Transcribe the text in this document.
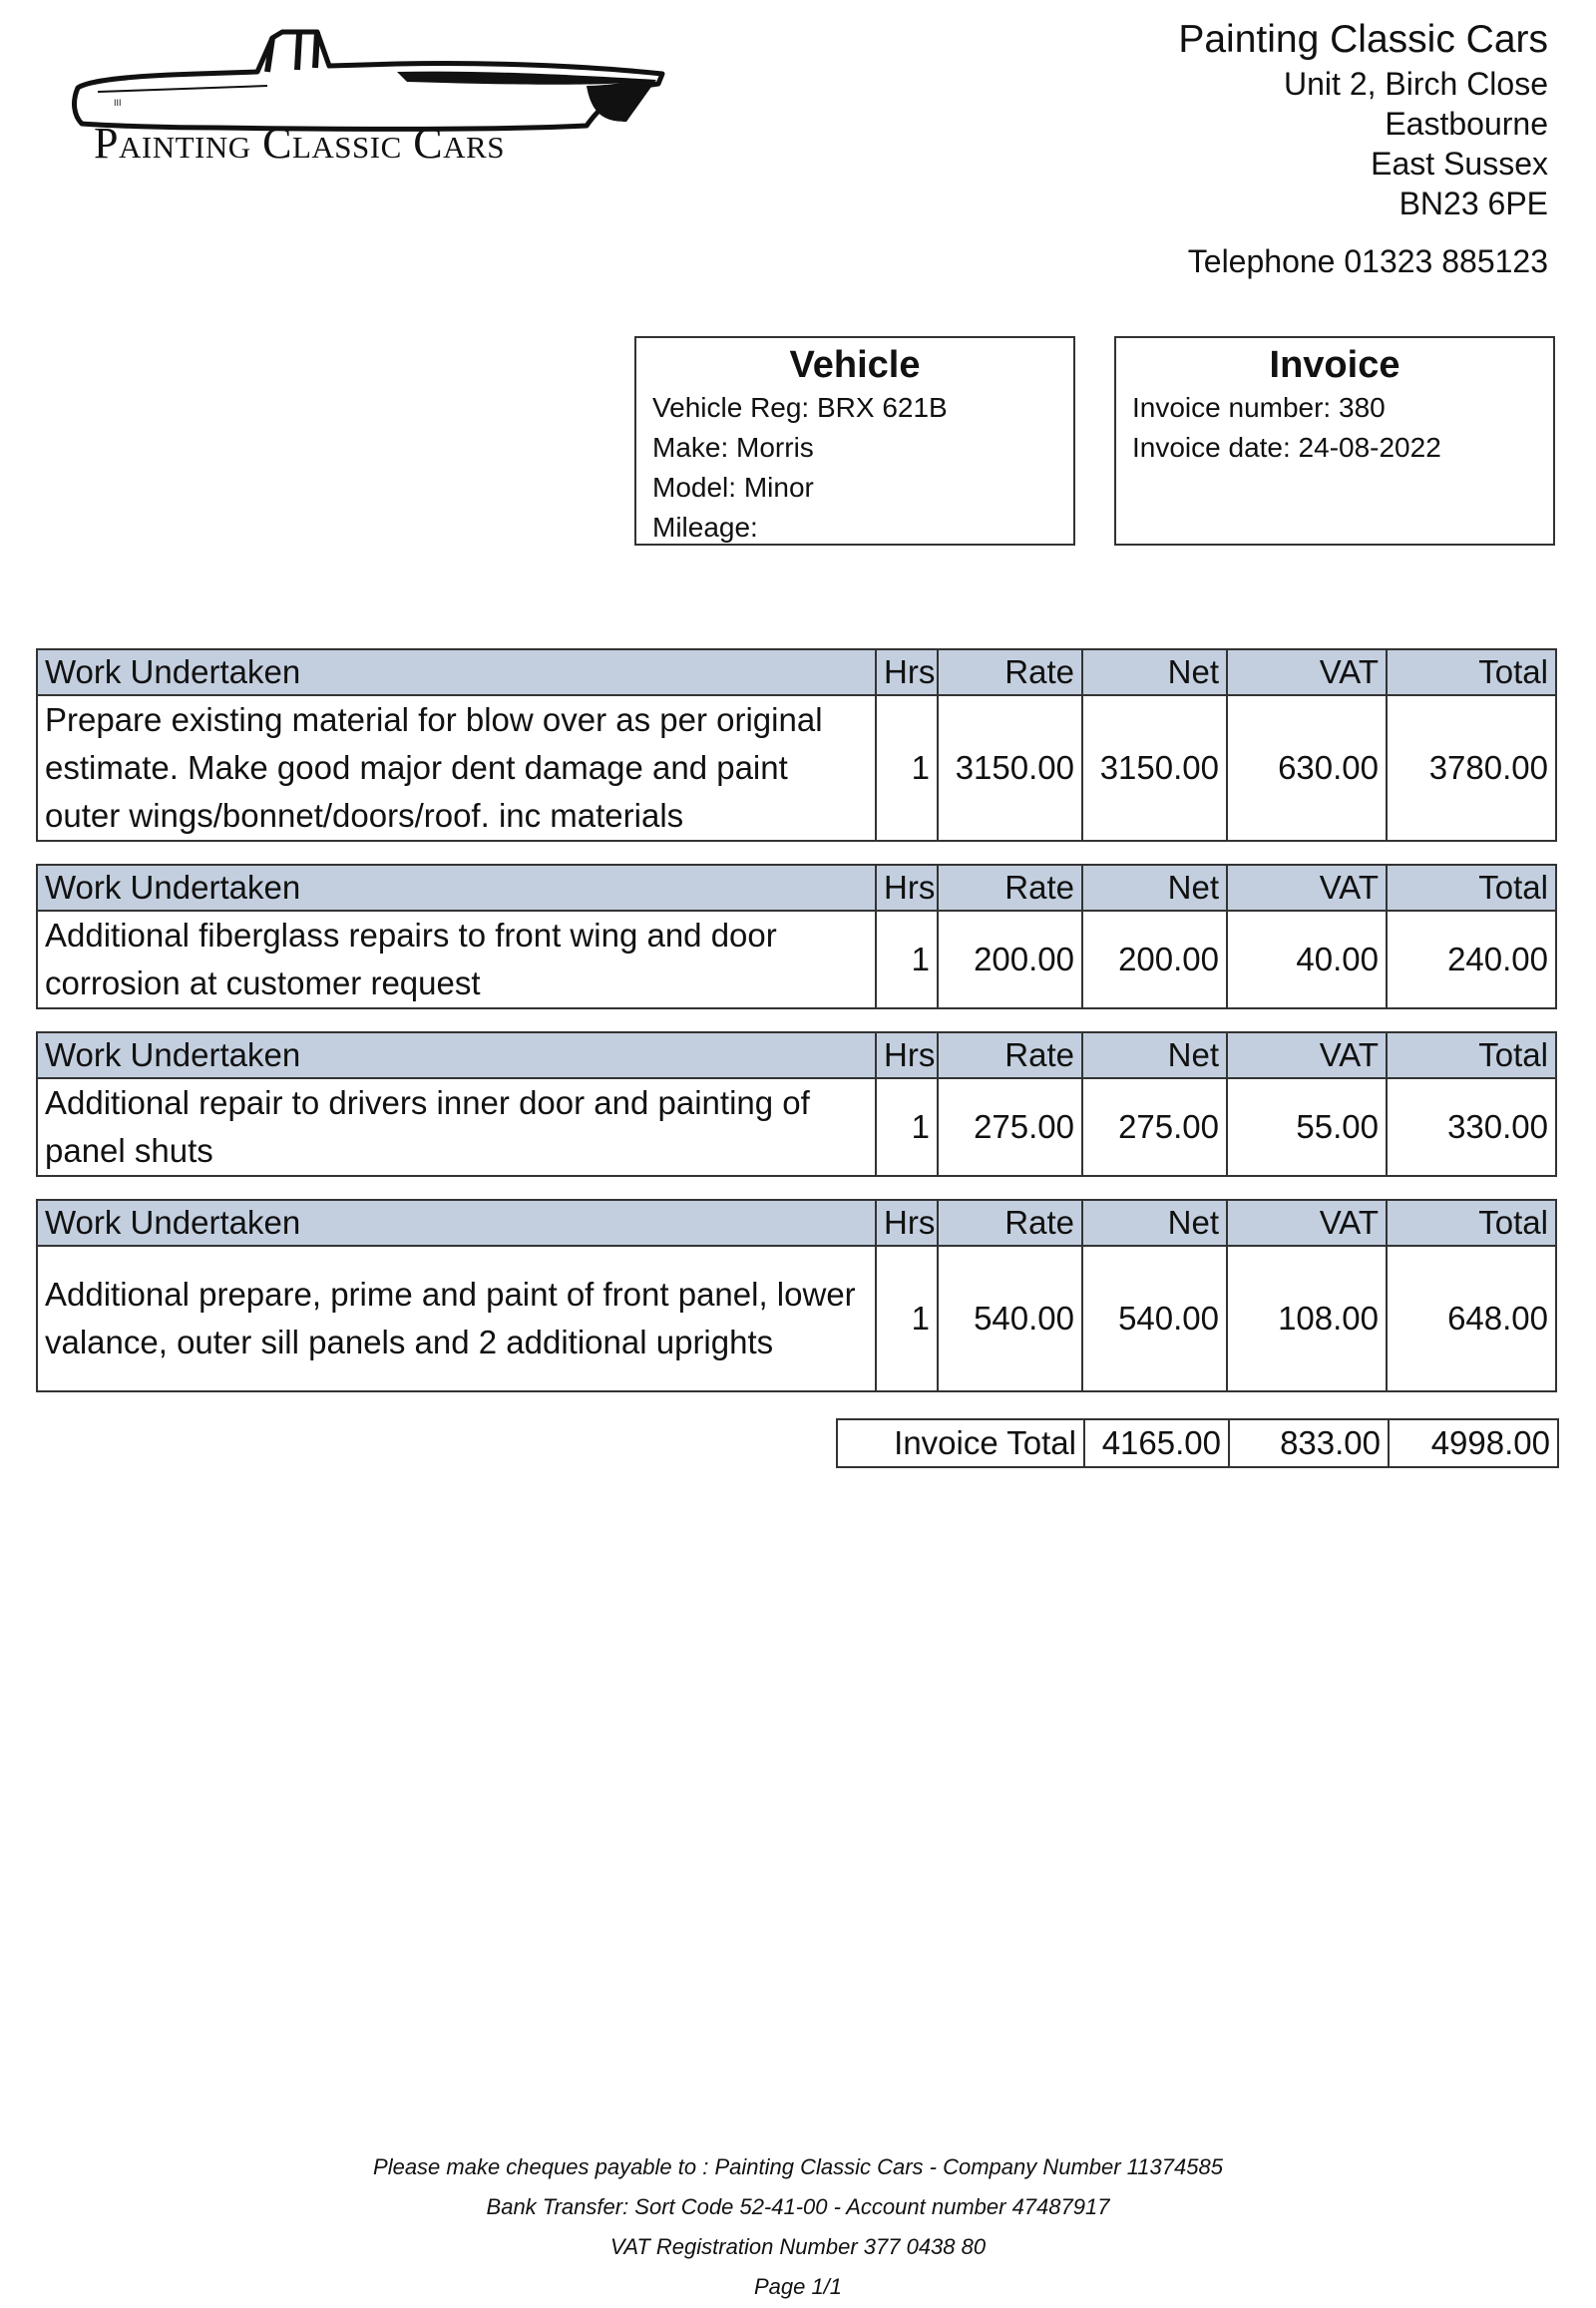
III
Painting Classic Cars
Painting Classic Cars
Unit 2, Birch Close
Eastbourne
East Sussex
BN23 6PE
Telephone 01323 885123
Vehicle
Vehicle Reg: BRX 621B
Make: Morris
Model: Minor
Mileage:
Invoice
Invoice number: 380
Invoice date: 24-08-2022
Work Undertaken	Hrs	Rate	Net	VAT	Total
Prepare existing material for blow over as per original estimate. Make good major dent damage and paint outer wings/bonnet/doors/roof. inc materials	1	3150.00	3150.00	630.00	3780.00
Work Undertaken	Hrs	Rate	Net	VAT	Total
Additional fiberglass repairs to front wing and door corrosion at customer request	1	200.00	200.00	40.00	240.00
Work Undertaken	Hrs	Rate	Net	VAT	Total
Additional repair to drivers inner door and painting of panel shuts	1	275.00	275.00	55.00	330.00
Work Undertaken	Hrs	Rate	Net	VAT	Total
Additional prepare, prime and paint of front panel, lower valance, outer sill panels and 2 additional uprights	1	540.00	540.00	108.00	648.00
Invoice Total	4165.00	833.00	4998.00
Please make cheques payable to : Painting Classic Cars - Company Number 11374585
Bank Transfer: Sort Code 52-41-00 - Account number 47487917
VAT Registration Number 377 0438 80
Page 1/1
